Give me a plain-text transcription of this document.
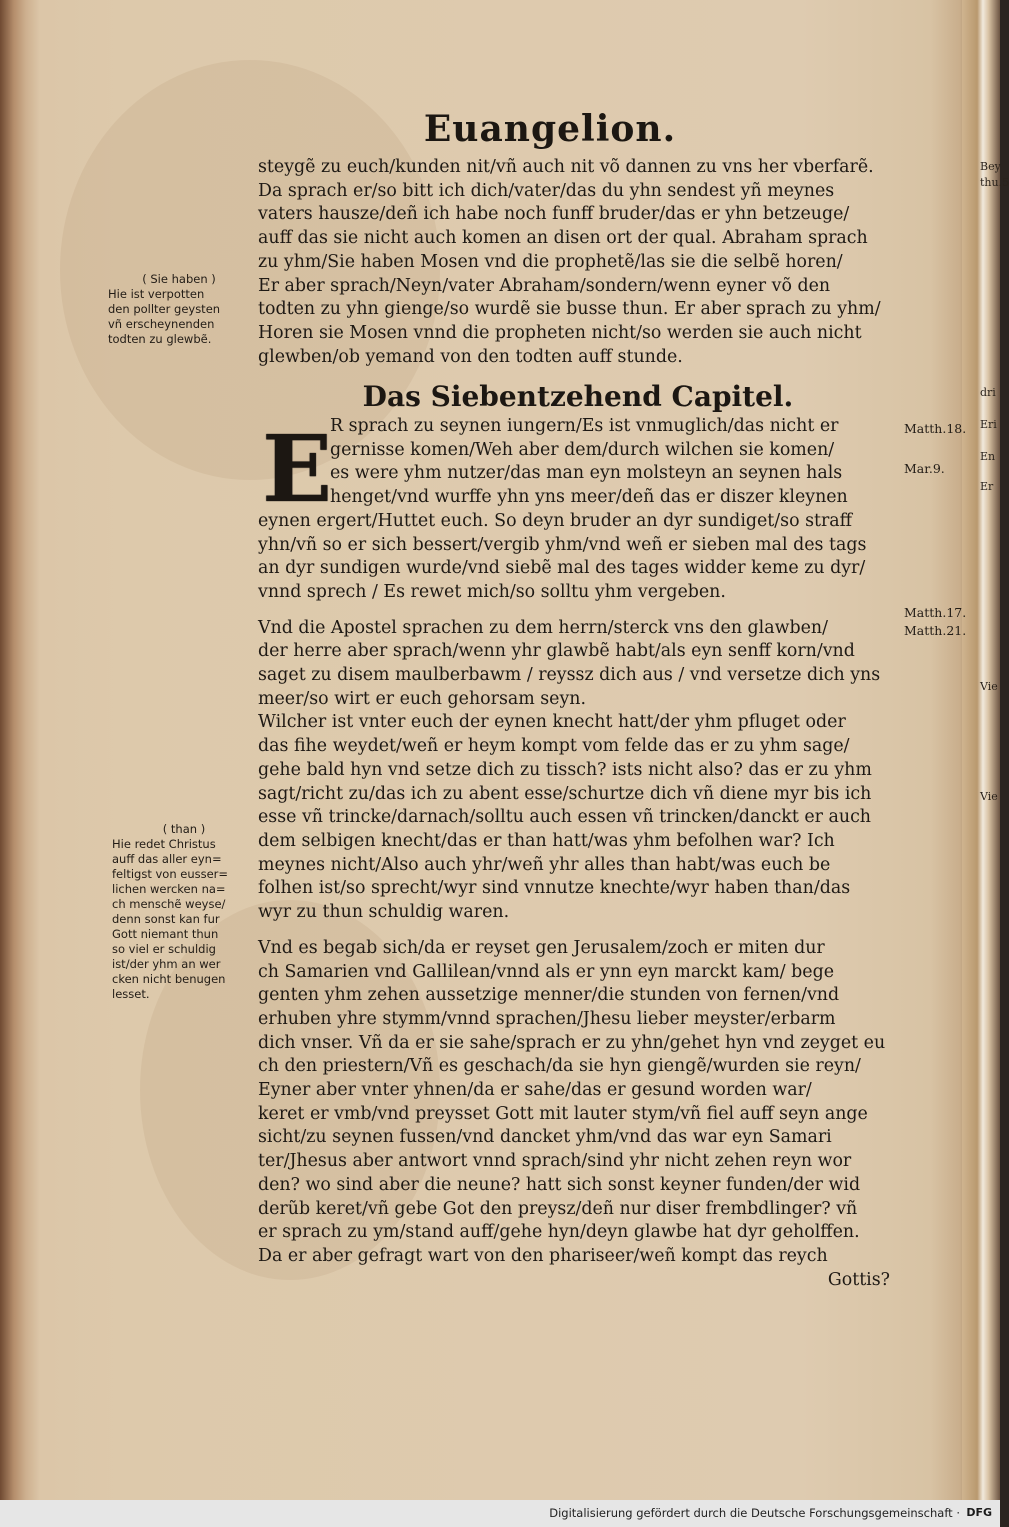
Euangelion.
( Sie haben )
Hie ist verpotten
den pollter geysten
vñ erscheynenden
todten zu glewbẽ.
( than )
Hie redet Christus
auff das aller eyn=
feltigst von eusser=
lichen wercken na=
ch menschẽ weyse/
denn sonst kan fur
Gott niemant thun
so viel er schuldig
ist/der yhm an wer
cken nicht benugen
lesset.
Matth.18.
Mar.9.
Matth.17.
Matth.21.
Bey
thu.5
dri
Eri
En
Er
Vie
Vie
steygẽ zu euch/kunden nit/vñ auch nit võ dannen zu vns her vberfarẽ.
Da sprach er/so bitt ich dich/vater/das du yhn sendest yñ meynes
vaters hausze/deñ ich habe noch funff bruder/das er yhn betzeuge/
auff das sie nicht auch komen an disen ort der qual. Abraham sprach
zu yhm/Sie haben Mosen vnd die prophetẽ/las sie die selbẽ horen/
Er aber sprach/Neyn/vater Abraham/sondern/wenn eyner võ den
todten zu yhn gienge/so wurdẽ sie busse thun. Er aber sprach zu yhm/
Horen sie Mosen vnnd die propheten nicht/so werden sie auch nicht
glewben/ob yemand von den todten auff stunde.
Das Siebentzehend Capitel.
E
R sprach zu seynen iungern/Es ist vnmuglich/das nicht er
gernisse komen/Weh aber dem/durch wilchen sie komen/
es were yhm nutzer/das man eyn molsteyn an seynen hals
henget/vnd wurffe yhn yns meer/deñ das er diszer kleynen
eynen ergert/Huttet euch. So deyn bruder an dyr sundiget/so straff
yhn/vñ so er sich bessert/vergib yhm/vnd weñ er sieben mal des tags
an dyr sundigen wurde/vnd siebẽ mal des tages widder keme zu dyr/
vnnd sprech / Es rewet mich/so solltu yhm vergeben.
Vnd die Apostel sprachen zu dem herrn/sterck vns den glawben/
der herre aber sprach/wenn yhr glawbẽ habt/als eyn senff korn/vnd
saget zu disem maulberbawm / reyssz dich aus / vnd versetze dich yns
meer/so wirt er euch gehorsam seyn.
Wilcher ist vnter euch der eynen knecht hatt/der yhm pfluget oder
das fihe weydet/weñ er heym kompt vom felde das er zu yhm sage/
gehe bald hyn vnd setze dich zu tissch? ists nicht also? das er zu yhm
sagt/richt zu/das ich zu abent esse/schurtze dich vñ diene myr bis ich
esse vñ trincke/darnach/solltu auch essen vñ trincken/danckt er auch
dem selbigen knecht/das er than hatt/was yhm befolhen war? Ich
meynes nicht/Also auch yhr/weñ yhr alles than habt/was euch be
folhen ist/so sprecht/wyr sind vnnutze knechte/wyr haben than/das
wyr zu thun schuldig waren.
Vnd es begab sich/da er reyset gen Jerusalem/zoch er miten dur
ch Samarien vnd Gallilean/vnnd als er ynn eyn marckt kam/ bege
genten yhm zehen aussetzige menner/die stunden von fernen/vnd
erhuben yhre stymm/vnnd sprachen/Jhesu lieber meyster/erbarm
dich vnser. Vñ da er sie sahe/sprach er zu yhn/gehet hyn vnd zeyget eu
ch den priestern/Vñ es geschach/da sie hyn giengẽ/wurden sie reyn/
Eyner aber vnter yhnen/da er sahe/das er gesund worden war/
keret er vmb/vnd preysset Gott mit lauter stym/vñ fiel auff seyn ange
sicht/zu seynen fussen/vnd dancket yhm/vnd das war eyn Samari
ter/Jhesus aber antwort vnnd sprach/sind yhr nicht zehen reyn wor
den? wo sind aber die neune? hatt sich sonst keyner funden/der wid
derũb keret/vñ gebe Got den preysz/deñ nur diser frembdlinger? vñ
er sprach zu ym/stand auff/gehe hyn/deyn glawbe hat dyr geholffen.
Da er aber gefragt wart von den phariseer/weñ kompt das reych
Gottis?
Digitalisierung gefördert durch die Deutsche Forschungsgemeinschaft · DFG
